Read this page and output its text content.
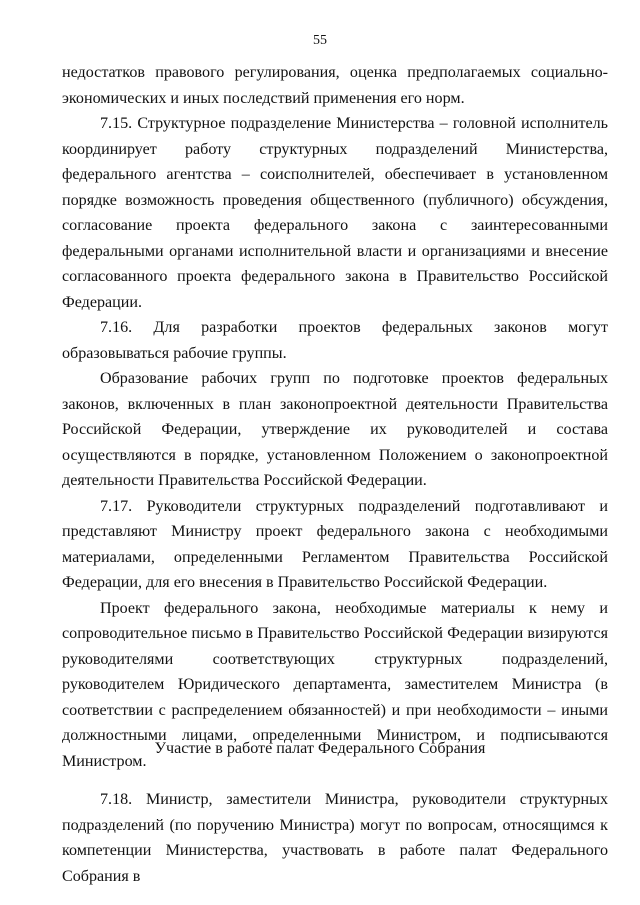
55

недостатков правового регулирования, оценка предполагаемых социально-экономических и иных последствий применения его норм.

7.15. Структурное подразделение Министерства – головной исполнитель координирует работу структурных подразделений Министерства, федерального агентства – соисполнителей, обеспечивает в установленном порядке возможность проведения общественного (публичного) обсуждения, согласование проекта федерального закона с заинтересованными федеральными органами исполнительной власти и организациями и внесение согласованного проекта федерального закона в Правительство Российской Федерации.

7.16. Для разработки проектов федеральных законов могут образовываться рабочие группы.

Образование рабочих групп по подготовке проектов федеральных законов, включенных в план законопроектной деятельности Правительства Российской Федерации, утверждение их руководителей и состава осуществляются в порядке, установленном Положением о законопроектной деятельности Правительства Российской Федерации.

7.17. Руководители структурных подразделений подготавливают и представляют Министру проект федерального закона с необходимыми материалами, определенными Регламентом Правительства Российской Федерации, для его внесения в Правительство Российской Федерации.

Проект федерального закона, необходимые материалы к нему и сопроводительное письмо в Правительство Российской Федерации визируются руководителями соответствующих структурных подразделений, руководителем Юридического департамента, заместителем Министра (в соответствии с распределением обязанностей) и при необходимости – иными должностными лицами, определенными Министром, и подписываются Министром.

Участие в работе палат Федерального Собрания

7.18. Министр, заместители Министра, руководители структурных подразделений (по поручению Министра) могут по вопросам, относящимся к компетенции Министерства, участвовать в работе палат Федерального Собрания в
